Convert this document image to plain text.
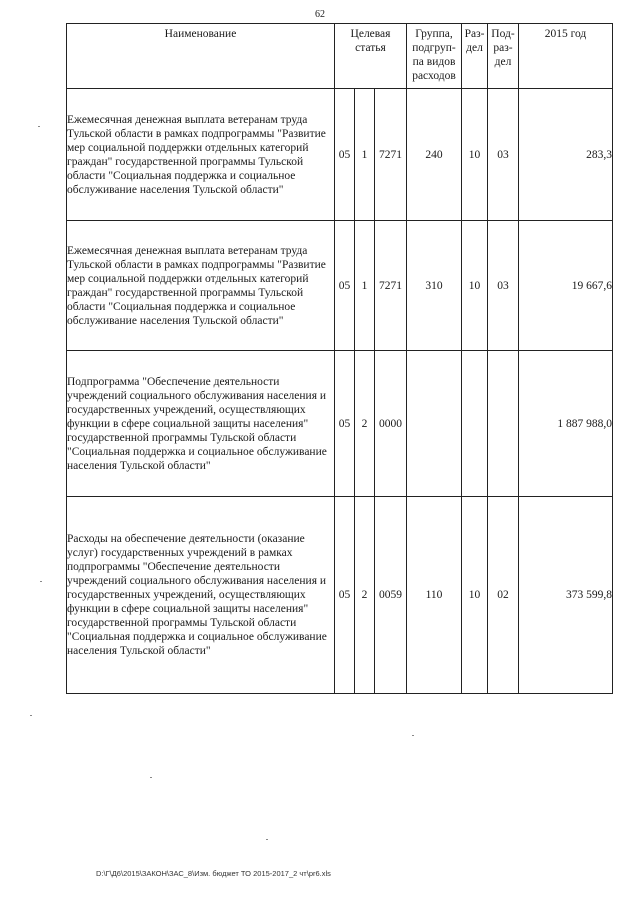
62
Наименование	Целевая статья			Группа, подгруп-па видов расходов	Раз-дел	Под-раз-дел	2015 год
Ежемесячная денежная выплата ветеранам труда Тульской области в рамках подпрограммы "Развитие мер социальной поддержки отдельных категорий граждан" государственной программы Тульской области "Социальная поддержка и социальное обслуживание населения Тульской области"	05	1	7271	240	10	03	283,3
Ежемесячная денежная выплата ветеранам труда Тульской области в рамках подпрограммы "Развитие мер социальной поддержки отдельных категорий граждан" государственной программы Тульской области "Социальная поддержка и социальное обслуживание населения Тульской области"	05	1	7271	310	10	03	19 667,6
Подпрограмма "Обеспечение деятельности учреждений социального обслуживания населения и государственных учреждений, осуществляющих функции в сфере социальной защиты населения" государственной программы Тульской области "Социальная поддержка и социальное обслуживание населения Тульской области"	05	2	0000				1 887 988,0
Расходы на обеспечение деятельности (оказание услуг) государственных учреждений в рамках подпрограммы "Обеспечение деятельности учреждений социального обслуживания населения и государственных учреждений, осуществляющих функции в сфере социальной защиты населения" государственной программы Тульской области "Социальная поддержка и социальное обслуживание населения Тульской области"	05	2	0059	110	10	02	373 599,8
D:\Г\Д6\2015\ЗАКОН\ЗАС_8\Изм. бюджет ТО 2015-2017_2 чт\pr6.xls
